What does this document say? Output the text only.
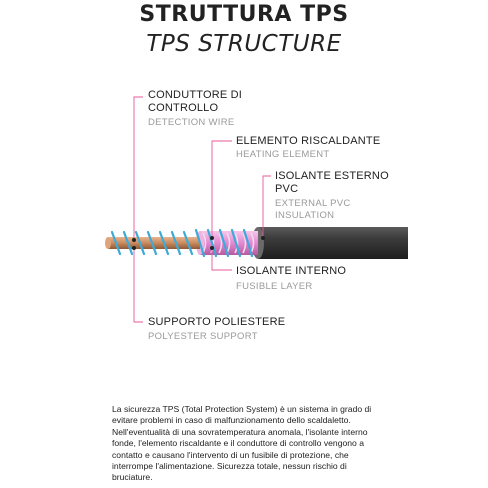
STRUTTURA TPS
TPS STRUCTURE
CONDUTTORE DI
CONTROLLO
DETECTION WIRE
ELEMENTO RISCALDANTE
HEATING ELEMENT
ISOLANTE ESTERNO
PVC
EXTERNAL PVC
INSULATION
ISOLANTE INTERNO
FUSIBLE LAYER
SUPPORTO POLIESTERE
POLYESTER SUPPORT
La sicurezza TPS (Total Protection System) è un sistema in grado di evitare problemi in caso di malfunzionamento dello scaldaletto. Nell'eventualità di una sovratemperatura anomala, l'isolante interno fonde, l'elemento riscaldante e il conduttore di controllo vengono a contatto e causano l'intervento di un fusibile di protezione, che interrompe l'alimentazione. Sicurezza totale, nessun rischio di bruciature.
